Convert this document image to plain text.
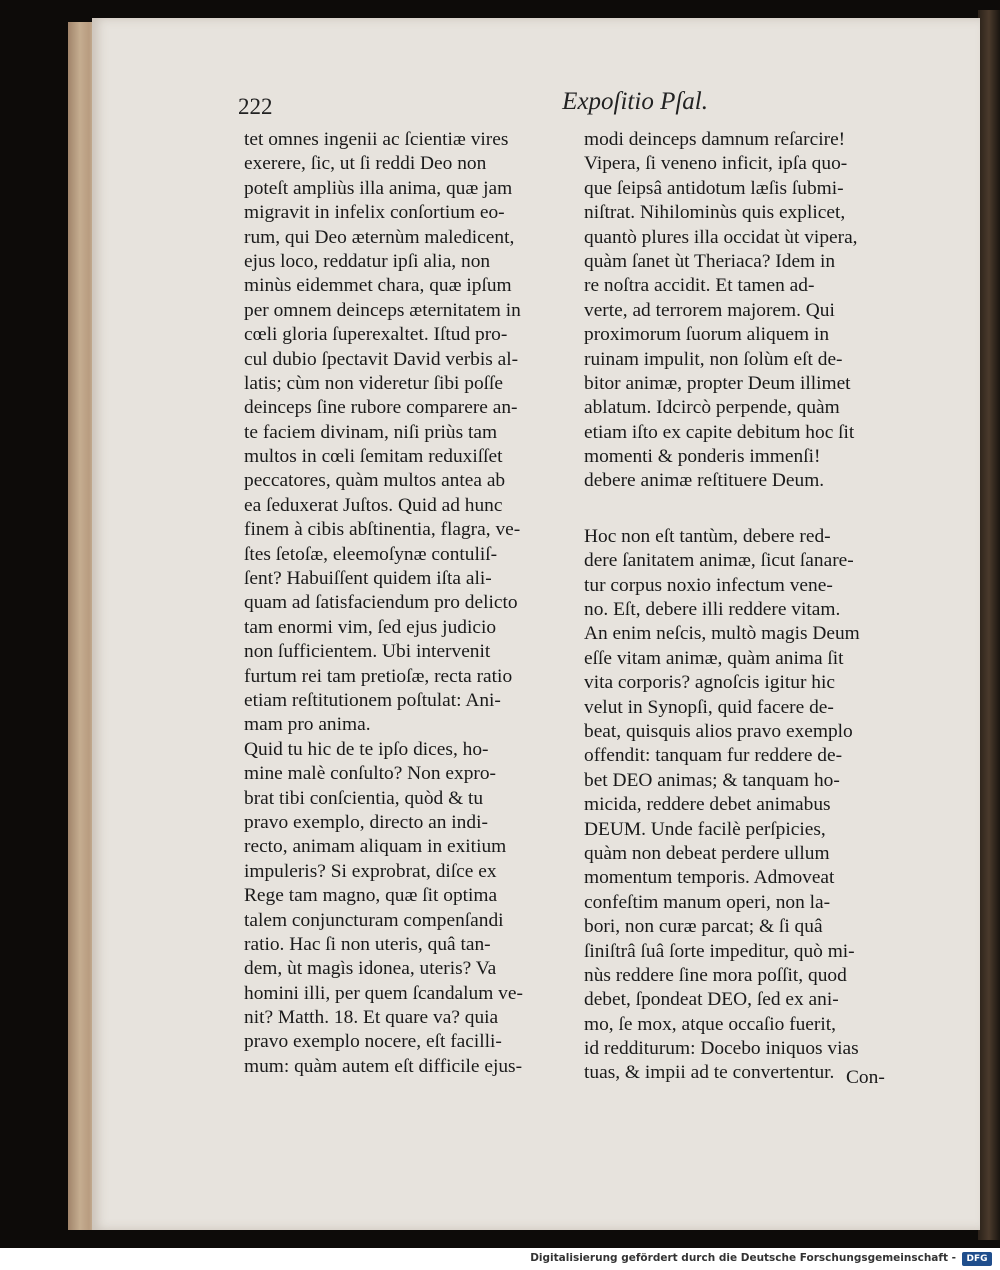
222	Expoſitio Pſal.
tet omnes ingenii ac ſcientiæ vires
exerere, ſic, ut ſi reddi Deo non
poteſt ampliùs illa anima, quæ jam
migravit in infelix conſortium eo-
rum, qui Deo æternùm maledicent,
ejus loco, reddatur ipſi alia, non
minùs eidemmet chara, quæ ipſum
per omnem deinceps æternitatem in
cœli gloria ſuperexaltet. Iſtud pro-
cul dubio ſpectavit David verbis al-
latis; cùm non videretur ſibi poſſe
deinceps ſine rubore comparere an-
te faciem divinam, niſi priùs tam
multos in cœli ſemitam reduxiſſet
peccatores, quàm multos antea ab
ea ſeduxerat Juſtos. Quid ad hunc
finem à cibis abſtinentia, flagra, ve-
ſtes ſetoſæ, eleemoſynæ contuliſ-
ſent? Habuiſſent quidem iſta ali-
quam ad ſatisfaciendum pro delicto
tam enormi vim, ſed ejus judicio
non ſufficientem. Ubi intervenit
furtum rei tam pretioſæ, recta ratio
etiam reſtitutionem poſtulat: Ani-
mam pro anima.
Quid tu hic de te ipſo dices, ho-
mine malè conſulto? Non expro-
brat tibi conſcientia, quòd & tu
pravo exemplo, directo an indi-
recto, animam aliquam in exitium
impuleris? Si exprobrat, diſce ex
Rege tam magno, quæ ſit optima
talem conjuncturam compenſandi
ratio. Hac ſi non uteris, quâ tan-
dem, ùt magìs idonea, uteris? Va
homini illi, per quem ſcandalum ve-
nit? Matth. 18. Et quare va? quia
pravo exemplo nocere, eſt facilli-
mum: quàm autem eſt difficile ejus-
modi deinceps damnum reſarcire!
Vipera, ſi veneno inficit, ipſa quo-
que ſeipsâ antidotum læſis ſubmi-
niſtrat. Nihilominùs quis explicet,
quantò plures illa occidat ùt vipera,
quàm ſanet ùt Theriaca? Idem in
re noſtra accidit. Et tamen ad-
verte, ad terrorem majorem. Qui
proximorum ſuorum aliquem in
ruinam impulit, non ſolùm eſt de-
bitor animæ, propter Deum illimet
ablatum. Idcircò perpende, quàm
etiam iſto ex capite debitum hoc ſit
momenti & ponderis immenſi!
debere animæ reſtituere Deum.
Hoc non eſt tantùm, debere red-
dere ſanitatem animæ, ſicut ſanare-
tur corpus noxio infectum vene-
no. Eſt, debere illi reddere vitam.
An enim neſcis, multò magis Deum
eſſe vitam animæ, quàm anima ſit
vita corporis? agnoſcis igitur hic
velut in Synopſi, quid facere de-
beat, quisquis alios pravo exemplo
offendit: tanquam fur reddere de-
bet DEO animas; & tanquam ho-
micida, reddere debet animabus
DEUM. Unde facilè perſpicies,
quàm non debeat perdere ullum
momentum temporis. Admoveat
confeſtim manum operi, non la-
bori, non curæ parcat; & ſi quâ
ſiniſtrâ ſuâ ſorte impeditur, quò mi-
nùs reddere ſine mora poſſit, quod
debet, ſpondeat DEO, ſed ex ani-
mo, ſe mox, atque occaſio fuerit,
id redditurum: Docebo iniquos vias
tuas, & impii ad te convertentur. Con-
Digitalisierung gefördert durch die Deutsche Forschungsgemeinschaft -	DFG
